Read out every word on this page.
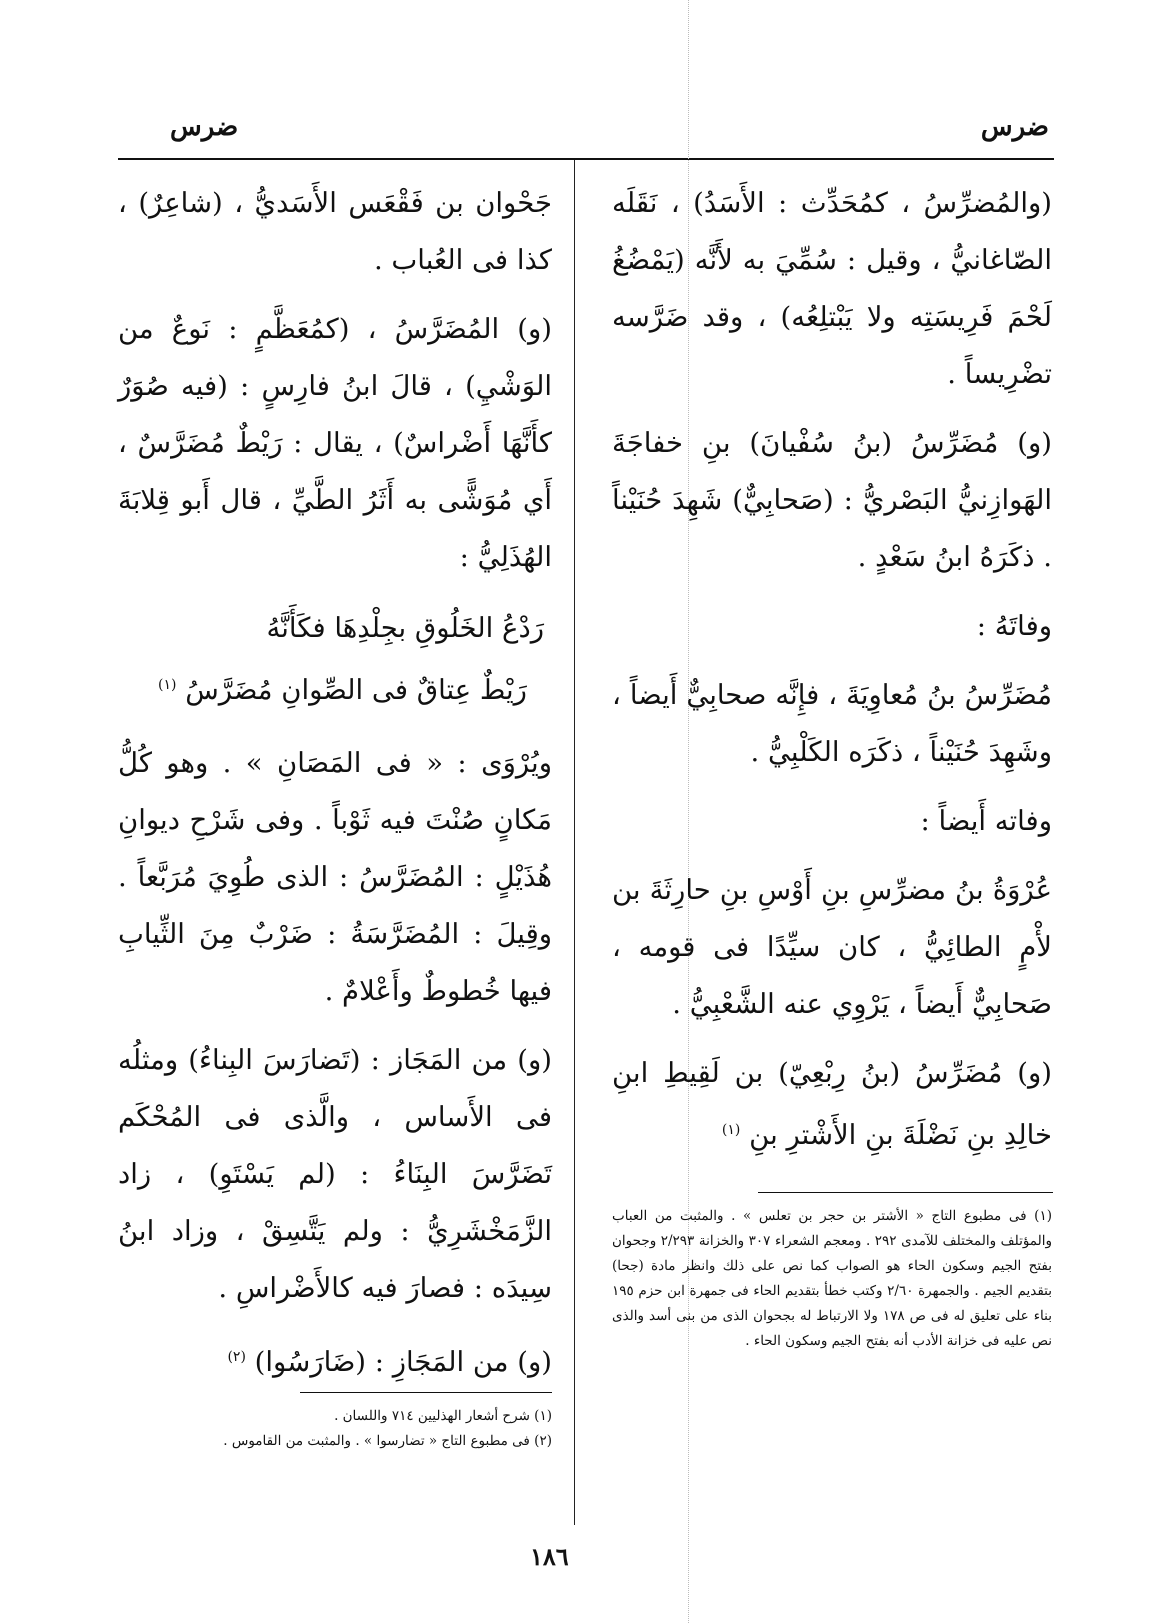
ضرس
ضرس

(والمُضرِّسُ ، كمُحَدِّث : الأَسَدُ) ، نَقَلَه الصّاغانيُّ ، وقيل : سُمِّيَ به لأَنَّه (يَمْضُغُ لَحْمَ فَرِيسَتِه ولا يَبْتلِعُه) ، وقد ضَرَّسه تضْرِيساً .

(و) مُضَرِّسُ (بنُ سُفْيانَ) بنِ خفاجَةَ الهَوازِنيُّ البَصْريُّ : (صَحابِيٌّ) شَهِدَ حُنَيْناً . ذكَرَهُ ابنُ سَعْدٍ .

وفاتَهُ :

مُضَرِّسُ بنُ مُعاوِيَةَ ، فإِنَّه صحابِيٌّ أَيضاً ، وشَهِدَ حُنَيْناً ، ذكَرَه الكَلْبِيُّ .

وفاته أَيضاً :

عُرْوَةُ بنُ مضرِّسِ بنِ أَوْسِ بنِ حارِثَةَ بن لأْمٍ الطائِيُّ ، كان سيِّدًا فى قومه ، صَحابِيٌّ أَيضاً ، يَرْوِي عنه الشَّعْبِيُّ .

(و) مُضَرِّسُ (بنُ رِبْعِيّ) بن لَقِيطِ ابنِ خالِدِ بنِ نَضْلَةَ بنِ الأَشْترِ بنِ $^{(١)}$

جَحْوان بن فَقْعَس الأَسَديُّ ، (شاعِرٌ) ، كذا فى العُباب .

(و) المُضَرَّسُ ، (كمُعَظَّمٍ : نَوعٌ من الوَشْيِ) ، قالَ ابنُ فارِسٍ : (فيه صُوَرٌ كأَنَّهَا أَضْراسٌ) ، يقال : رَيْطٌ مُضَرَّسٌ ، أَي مُوَشًّى به أَثَرُ الطَّيِّ ، قال أَبو قِلابَةَ الهُذَلِيُّ :

رَدْعُ الخَلُوقِ بجِلْدِهَا فكَأَنَّهُ

رَيْطٌ عِتاقٌ فى الصِّوانِ مُضَرَّسُ $^{(١)}$

ويُرْوَى : « فى المَصَانِ » . وهو كُلُّ مَكانٍ صُنْتَ فيه ثَوْباً . وفى شَرْحِ ديوانِ هُذَيْلٍ : المُضَرَّسُ : الذى طُوِيَ مُرَبَّعاً . وقِيلَ : المُضَرَّسَةُ : ضَرْبٌ مِنَ الثِّيابِ فيها خُطوطٌ وأَعْلامٌ .

(و) من المَجَاز : (تَضارَسَ البِناءُ) ومثلُه فى الأَساس ، والَّذى فى المُحْكَم تَضَرَّسَ البِنَاءُ : (لم يَسْتَوِ) ، زاد الزَّمَخْشَرِيُّ : ولم يَتَّسِقْ ، وزاد ابنُ سِيدَه : فصارَ فيه كالأَضْراسِ .

(و) من المَجَازِ : (ضَارَسُوا) $^{(٢)}$

(١) فى مطبوع التاج « الأشتر بن حجر بن تعلس » . والمثبت من العباب والمؤتلف والمختلف للآمدى ٢٩٢ . ومعجم الشعراء ٣٠٧ والخزانة ٢/٢٩٣ وجحوان بفتح الجيم وسكون الحاء هو الصواب كما نص على ذلك وانظر مادة (جحا) بتقديم الجيم . والجمهرة ٢/٦٠ وكتب خطأ بتقديم الحاء فى جمهرة ابن حزم ١٩٥ بناء على تعليق له فى ص ١٧٨ ولا الارتباط له بجحوان الذى من بنى أسد والذى نص عليه فى خزانة الأدب أنه بفتح الجيم وسكون الحاء .

(١) شرح أشعار الهذليين ٧١٤ واللسان .

(٢) فى مطبوع التاج « تضارسوا » . والمثبت من القاموس .

١٨٦
